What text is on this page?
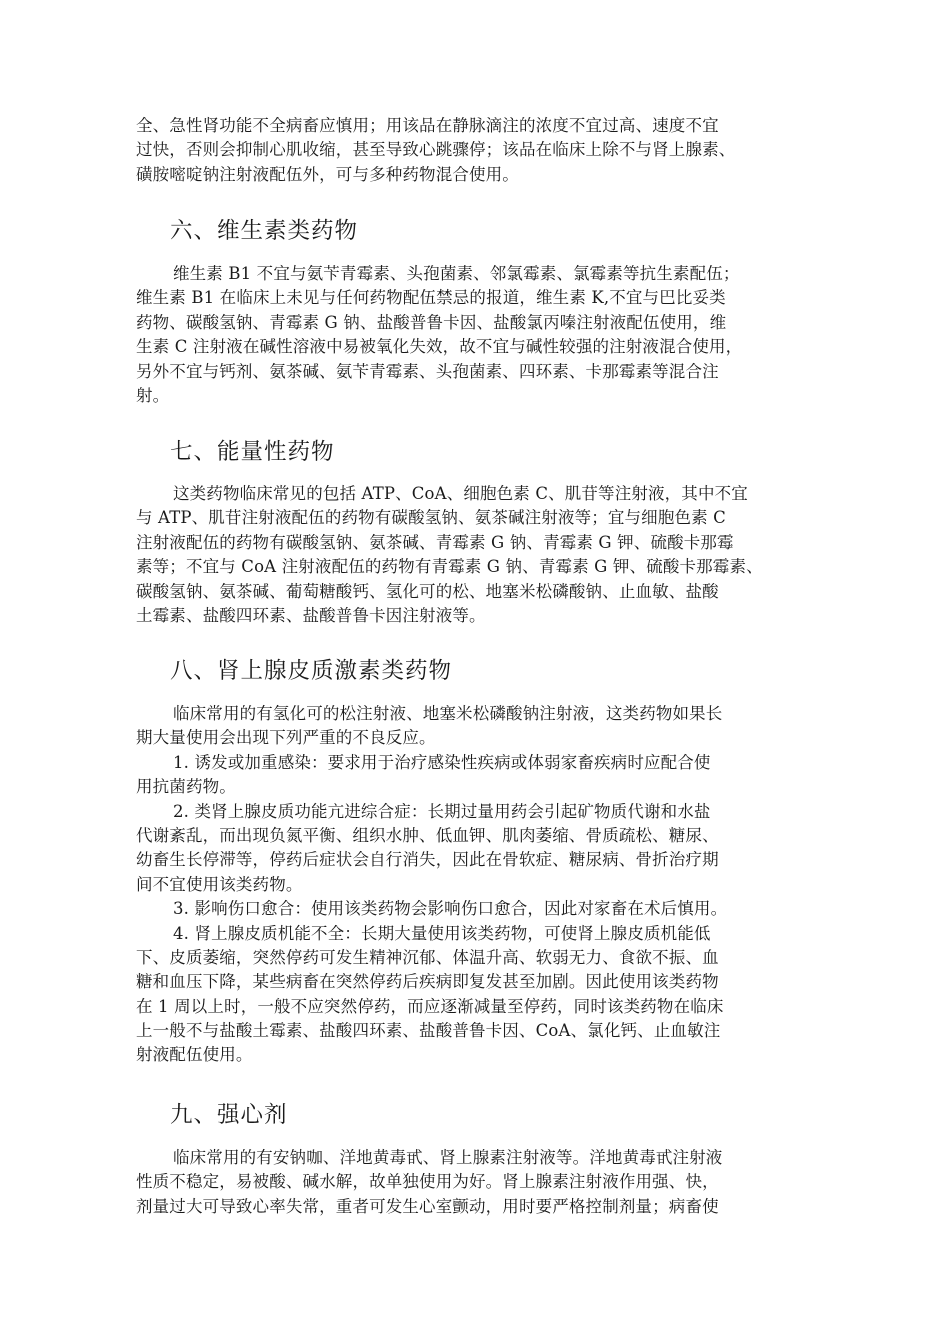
全、急性肾功能不全病畜应慎用；用该品在静脉滴注的浓度不宜过高、速度不宜
过快，否则会抑制心肌收缩，甚至导致心跳骤停；该品在临床上除不与肾上腺素、
磺胺嘧啶钠注射液配伍外，可与多种药物混合使用。
六、维生素类药物
维生素 B1 不宜与氨苄青霉素、头孢菌素、邻氯霉素、氯霉素等抗生素配伍；
维生素 B1 在临床上未见与任何药物配伍禁忌的报道，维生素 K,不宜与巴比妥类
药物、碳酸氢钠、青霉素 G 钠、盐酸普鲁卡因、盐酸氯丙嗪注射液配伍使用，维
生素 C 注射液在碱性溶液中易被氧化失效，故不宜与碱性较强的注射液混合使用，
另外不宜与钙剂、氨茶碱、氨苄青霉素、头孢菌素、四环素、卡那霉素等混合注
射。
七、能量性药物
这类药物临床常见的包括 ATP、CoA、细胞色素 C、肌苷等注射液，其中不宜
与 ATP、肌苷注射液配伍的药物有碳酸氢钠、氨茶碱注射液等；宜与细胞色素 C
注射液配伍的药物有碳酸氢钠、氨茶碱、青霉素 G 钠、青霉素 G 钾、硫酸卡那霉
素等；不宜与 CoA 注射液配伍的药物有青霉素 G 钠、青霉素 G 钾、硫酸卡那霉素、
碳酸氢钠、氨茶碱、葡萄糖酸钙、氢化可的松、地塞米松磷酸钠、止血敏、盐酸
土霉素、盐酸四环素、盐酸普鲁卡因注射液等。
八、肾上腺皮质激素类药物
临床常用的有氢化可的松注射液、地塞米松磷酸钠注射液，这类药物如果长
期大量使用会出现下列严重的不良反应。
1. 诱发或加重感染：要求用于治疗感染性疾病或体弱家畜疾病时应配合使
用抗菌药物。
2. 类肾上腺皮质功能亢进综合症：长期过量用药会引起矿物质代谢和水盐
代谢紊乱，而出现负氮平衡、组织水肿、低血钾、肌肉萎缩、骨质疏松、糖尿、
幼畜生长停滞等，停药后症状会自行消失，因此在骨软症、糖尿病、骨折治疗期
间不宜使用该类药物。
3. 影响伤口愈合：使用该类药物会影响伤口愈合，因此对家畜在术后慎用。
4. 肾上腺皮质机能不全：长期大量使用该类药物，可使肾上腺皮质机能低
下、皮质萎缩，突然停药可发生精神沉郁、体温升高、软弱无力、食欲不振、血
糖和血压下降，某些病畜在突然停药后疾病即复发甚至加剧。因此使用该类药物
在 1 周以上时，一般不应突然停药，而应逐渐减量至停药，同时该类药物在临床
上一般不与盐酸土霉素、盐酸四环素、盐酸普鲁卡因、CoA、氯化钙、止血敏注
射液配伍使用。
九、强心剂
临床常用的有安钠咖、洋地黄毒甙、肾上腺素注射液等。洋地黄毒甙注射液
性质不稳定，易被酸、碱水解，故单独使用为好。肾上腺素注射液作用强、快，
剂量过大可导致心率失常，重者可发生心室颤动，用时要严格控制剂量；病畜使
